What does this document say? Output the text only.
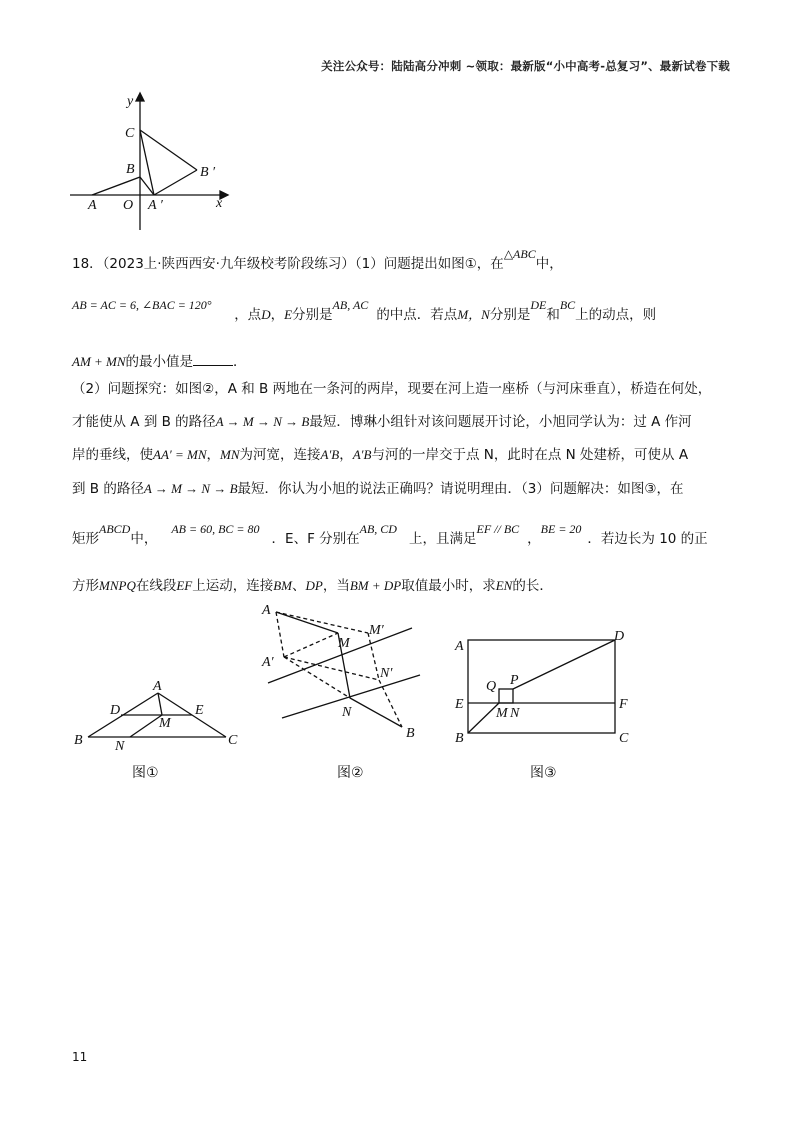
关注公众号：陆陆高分冲刺 ~领取：最新版“小中高考-总复习”、最新试卷下载
y
x
C
B	B ′
A O A ′
18．（2023上·陕西西安·九年级校考阶段练习）（1）问题提出如图①，在△ABC中，
AB = AC = 6, ∠BAC = 120°  ，点D，E分别是AB, AC的中点．若点M，N分别是DE和BC上的动点，则
AM + MN的最小值是	．
（2）问题探究：如图②，A 和 B 两地在一条河的两岸，现要在河上造一座桥（与河床垂直），桥造在何处，
才能使从 A 到 B 的路径A → M → N → B最短．博琳小组针对该问题展开讨论，小旭同学认为：过 A 作河
岸的垂线，使AA′ = MN，MN为河宽，连接A′B，A′B与河的一岸交于点 N，此时在点 N 处建桥，可使从 A
到 B 的路径A → M → N → B最短．你认为小旭的说法正确吗？请说明理由．（3）问题解决：如图③，在
矩形ABCD中，AB = 60, BC = 80．E、F 分别在AB, CD上，且满足EF // BC，BE = 20．若边长为 10 的正
方形MNPQ在线段EF上运动，连接BM、DP，当BM + DP取值最小时，求EN的长．
A
D	E
M
B N	C
图①
A
M
M′
A′
N′
N
B
图②
A
D
Q P
E	F
M N
B	C
图③
11
